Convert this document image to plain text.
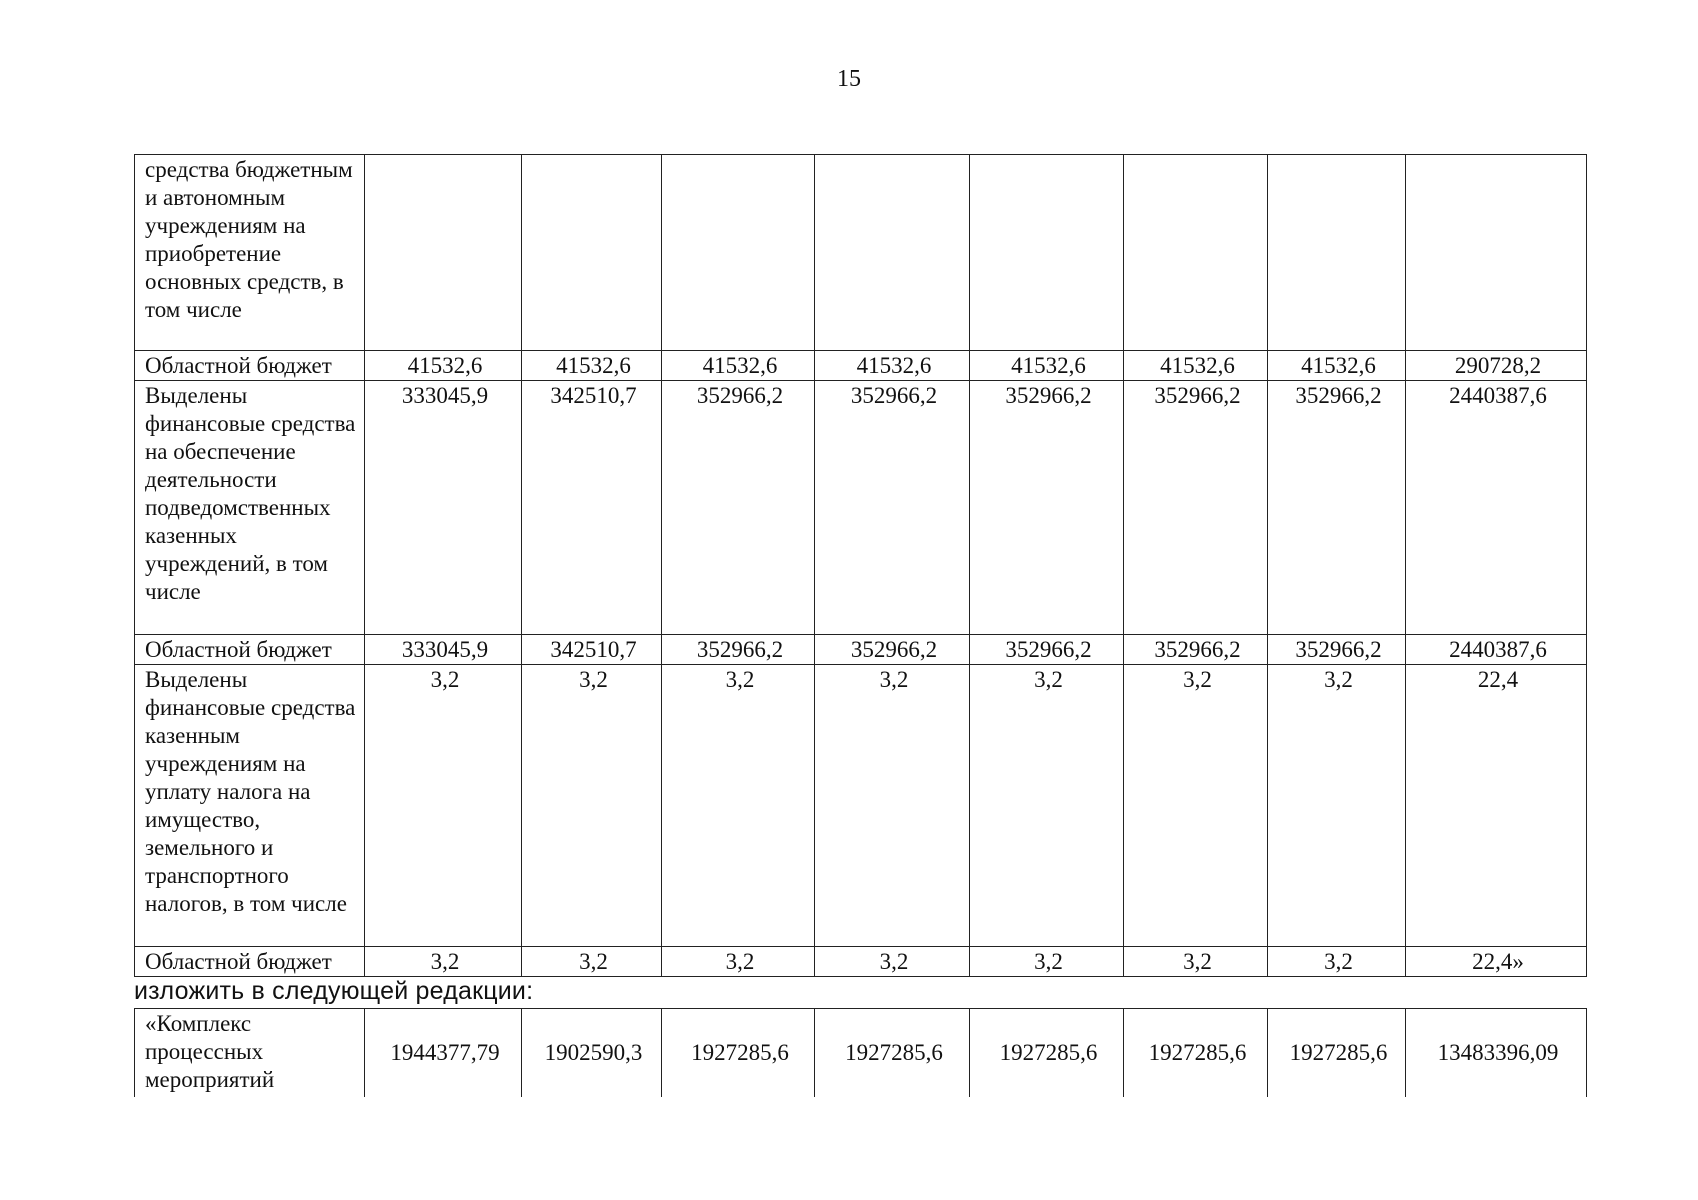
15
средства бюджетным и автономным учреждениям на приобретение основных средств, в том числе								
Областной бюджет	41532,6	41532,6	41532,6	41532,6	41532,6	41532,6	41532,6	290728,2
Выделены финансовые средства на обеспечение деятельности подведомственных казенных учреждений, в том числе	333045,9	342510,7	352966,2	352966,2	352966,2	352966,2	352966,2	2440387,6
Областной бюджет	333045,9	342510,7	352966,2	352966,2	352966,2	352966,2	352966,2	2440387,6
Выделены финансовые средства казенным учреждениям на уплату налога на имущество, земельного и транспортного налогов, в том числе	3,2	3,2	3,2	3,2	3,2	3,2	3,2	22,4
Областной бюджет	3,2	3,2	3,2	3,2	3,2	3,2	3,2	22,4»
изложить в следующей редакции:
«Комплекс процессных мероприятий	1944377,79	1902590,3	1927285,6	1927285,6	1927285,6	1927285,6	1927285,6	13483396,09
